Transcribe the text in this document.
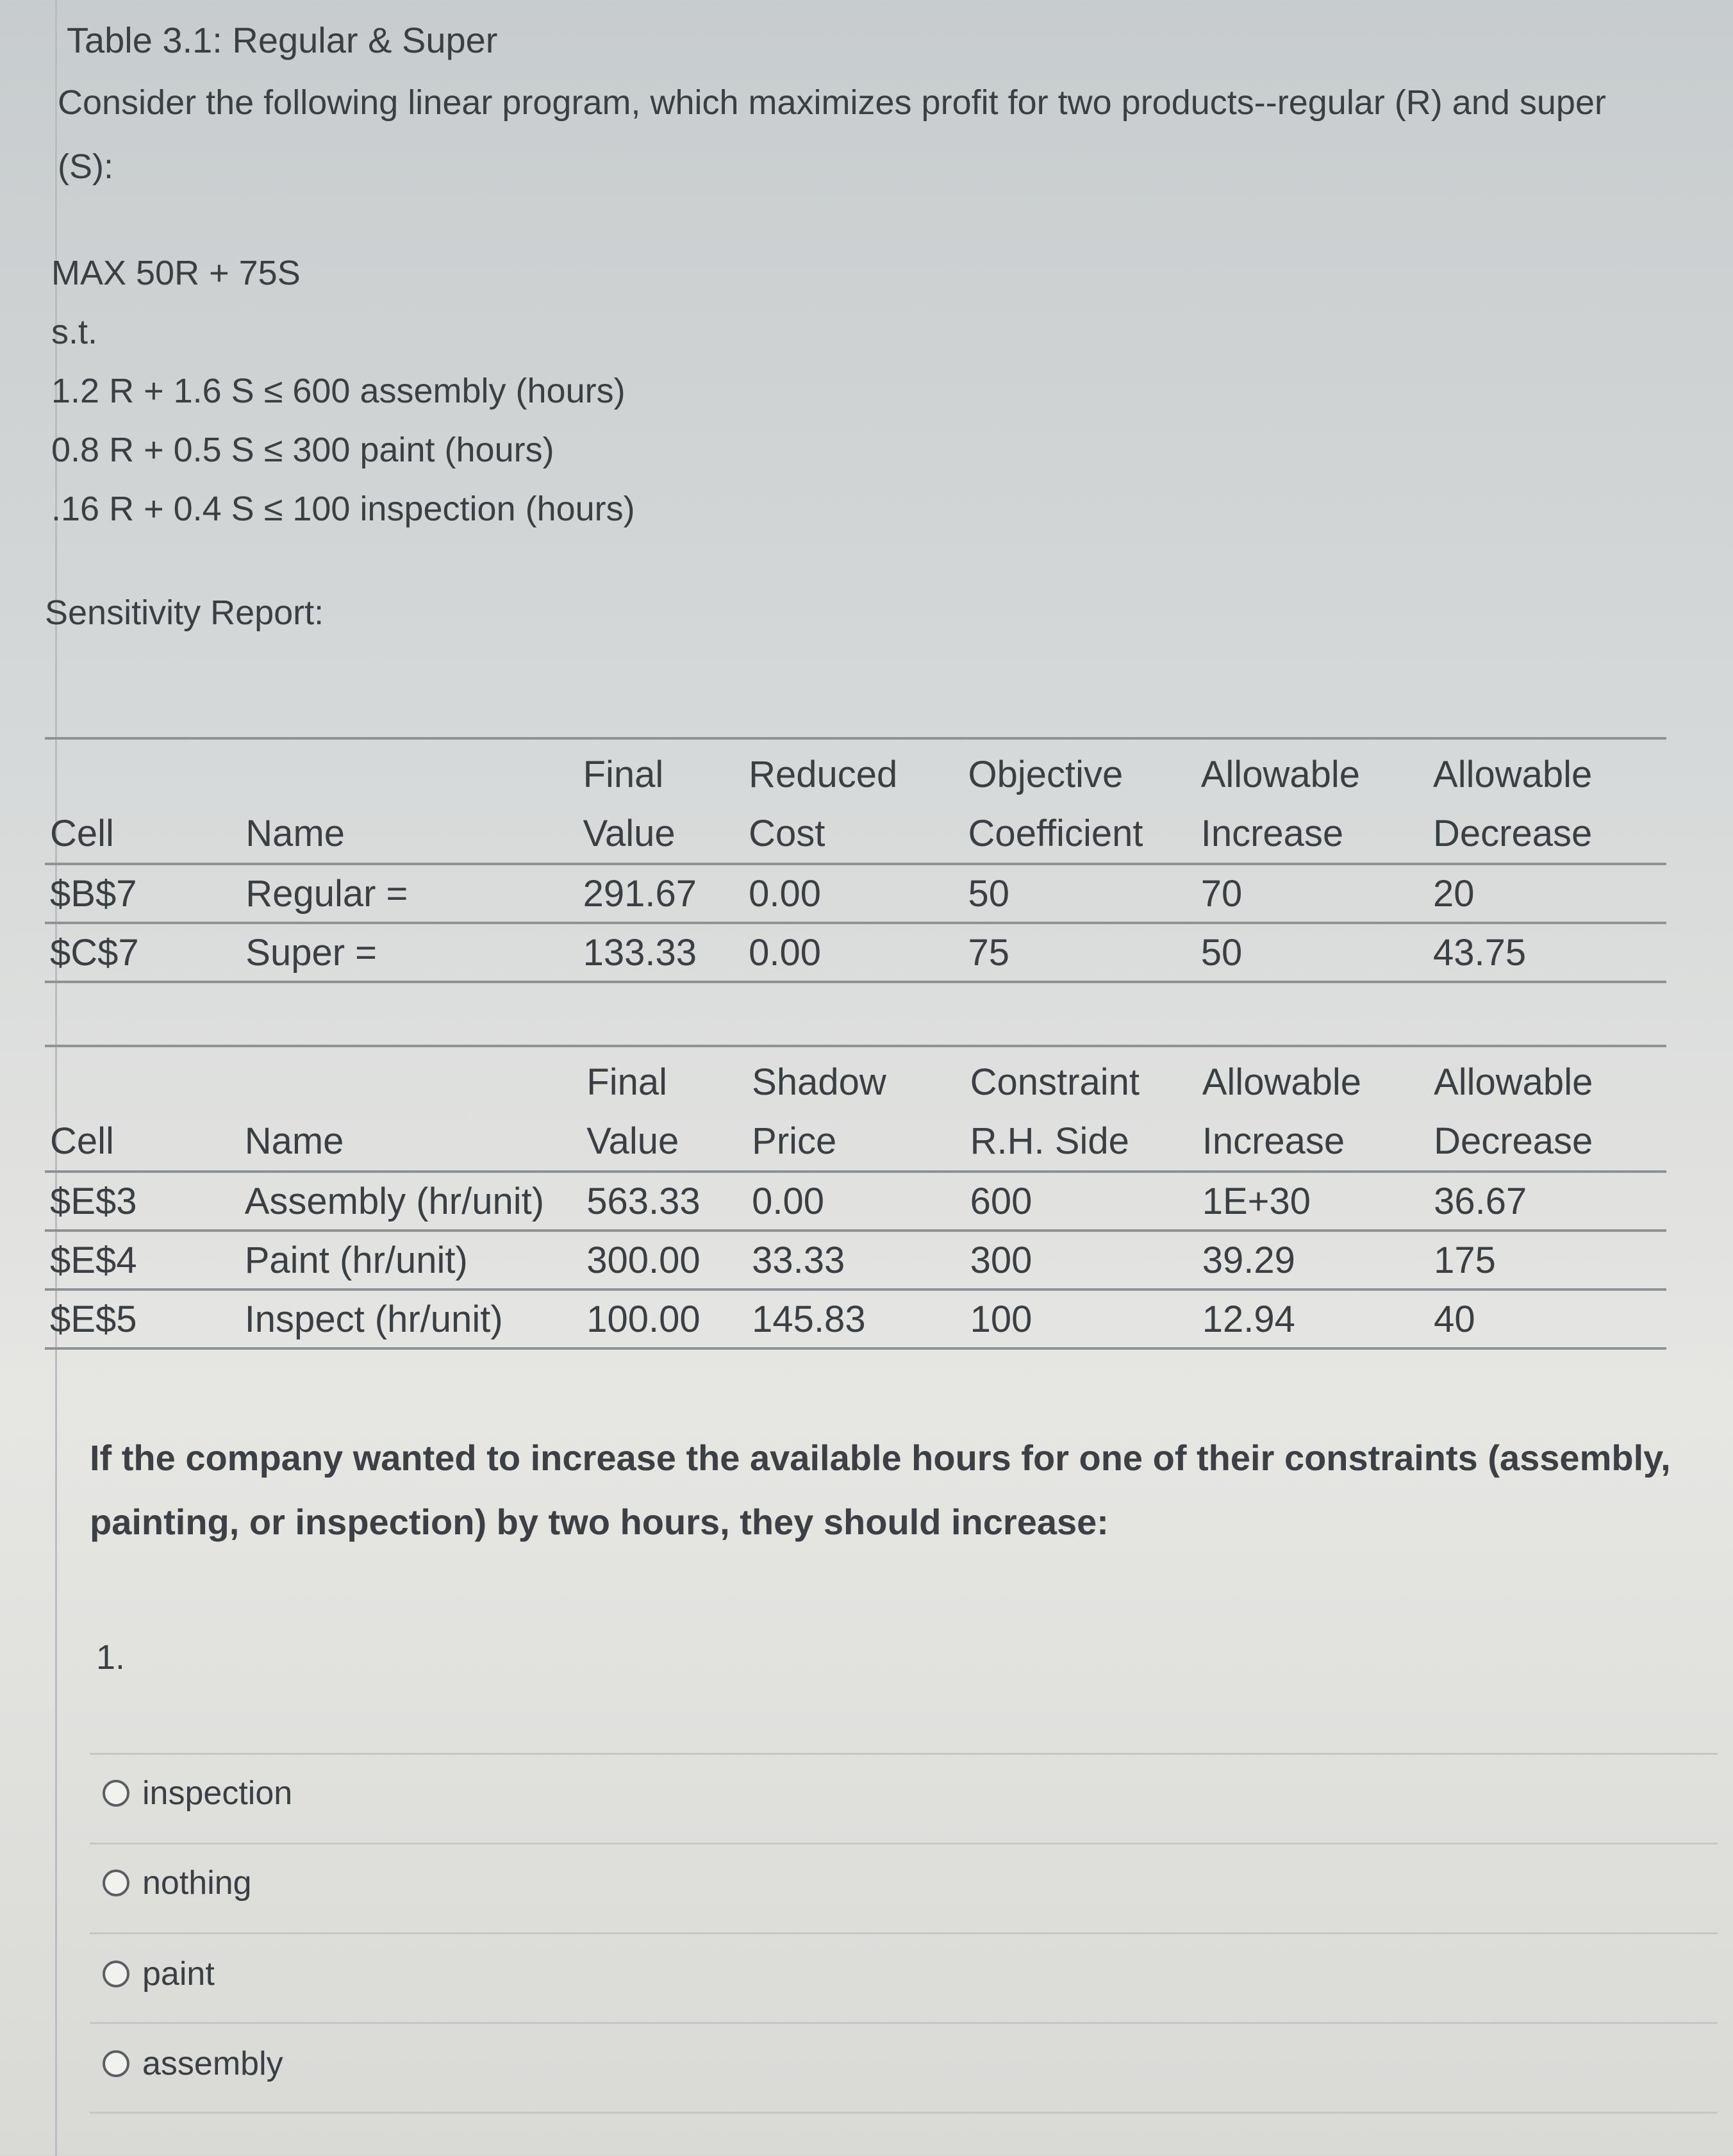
Table 3.1: Regular & Super
Consider the following linear program, which maximizes profit for two products--regular (R) and super (S):
MAX 50R + 75S
s.t.
1.2 R + 1.6 S ≤ 600 assembly (hours)
0.8 R + 0.5 S ≤ 300 paint (hours)
.16 R + 0.4 S ≤ 100 inspection (hours)
Sensitivity Report:
		Final	Reduced	Objective	Allowable	Allowable
Cell	Name	Value	Cost	Coefficient	Increase	Decrease
$B$7	Regular =	291.67	0.00	50	70	20
$C$7	Super =	133.33	0.00	75	50	43.75
		Final	Shadow	Constraint	Allowable	Allowable
Cell	Name	Value	Price	R.H. Side	Increase	Decrease
$E$3	Assembly (hr/unit)	563.33	0.00	600	1E+30	36.67
$E$4	Paint (hr/unit)	300.00	33.33	300	39.29	175
$E$5	Inspect (hr/unit)	100.00	145.83	100	12.94	40
If the company wanted to increase the available hours for one of their constraints (assembly, painting, or inspection) by two hours, they should increase:
1.
inspection
nothing
paint
assembly
